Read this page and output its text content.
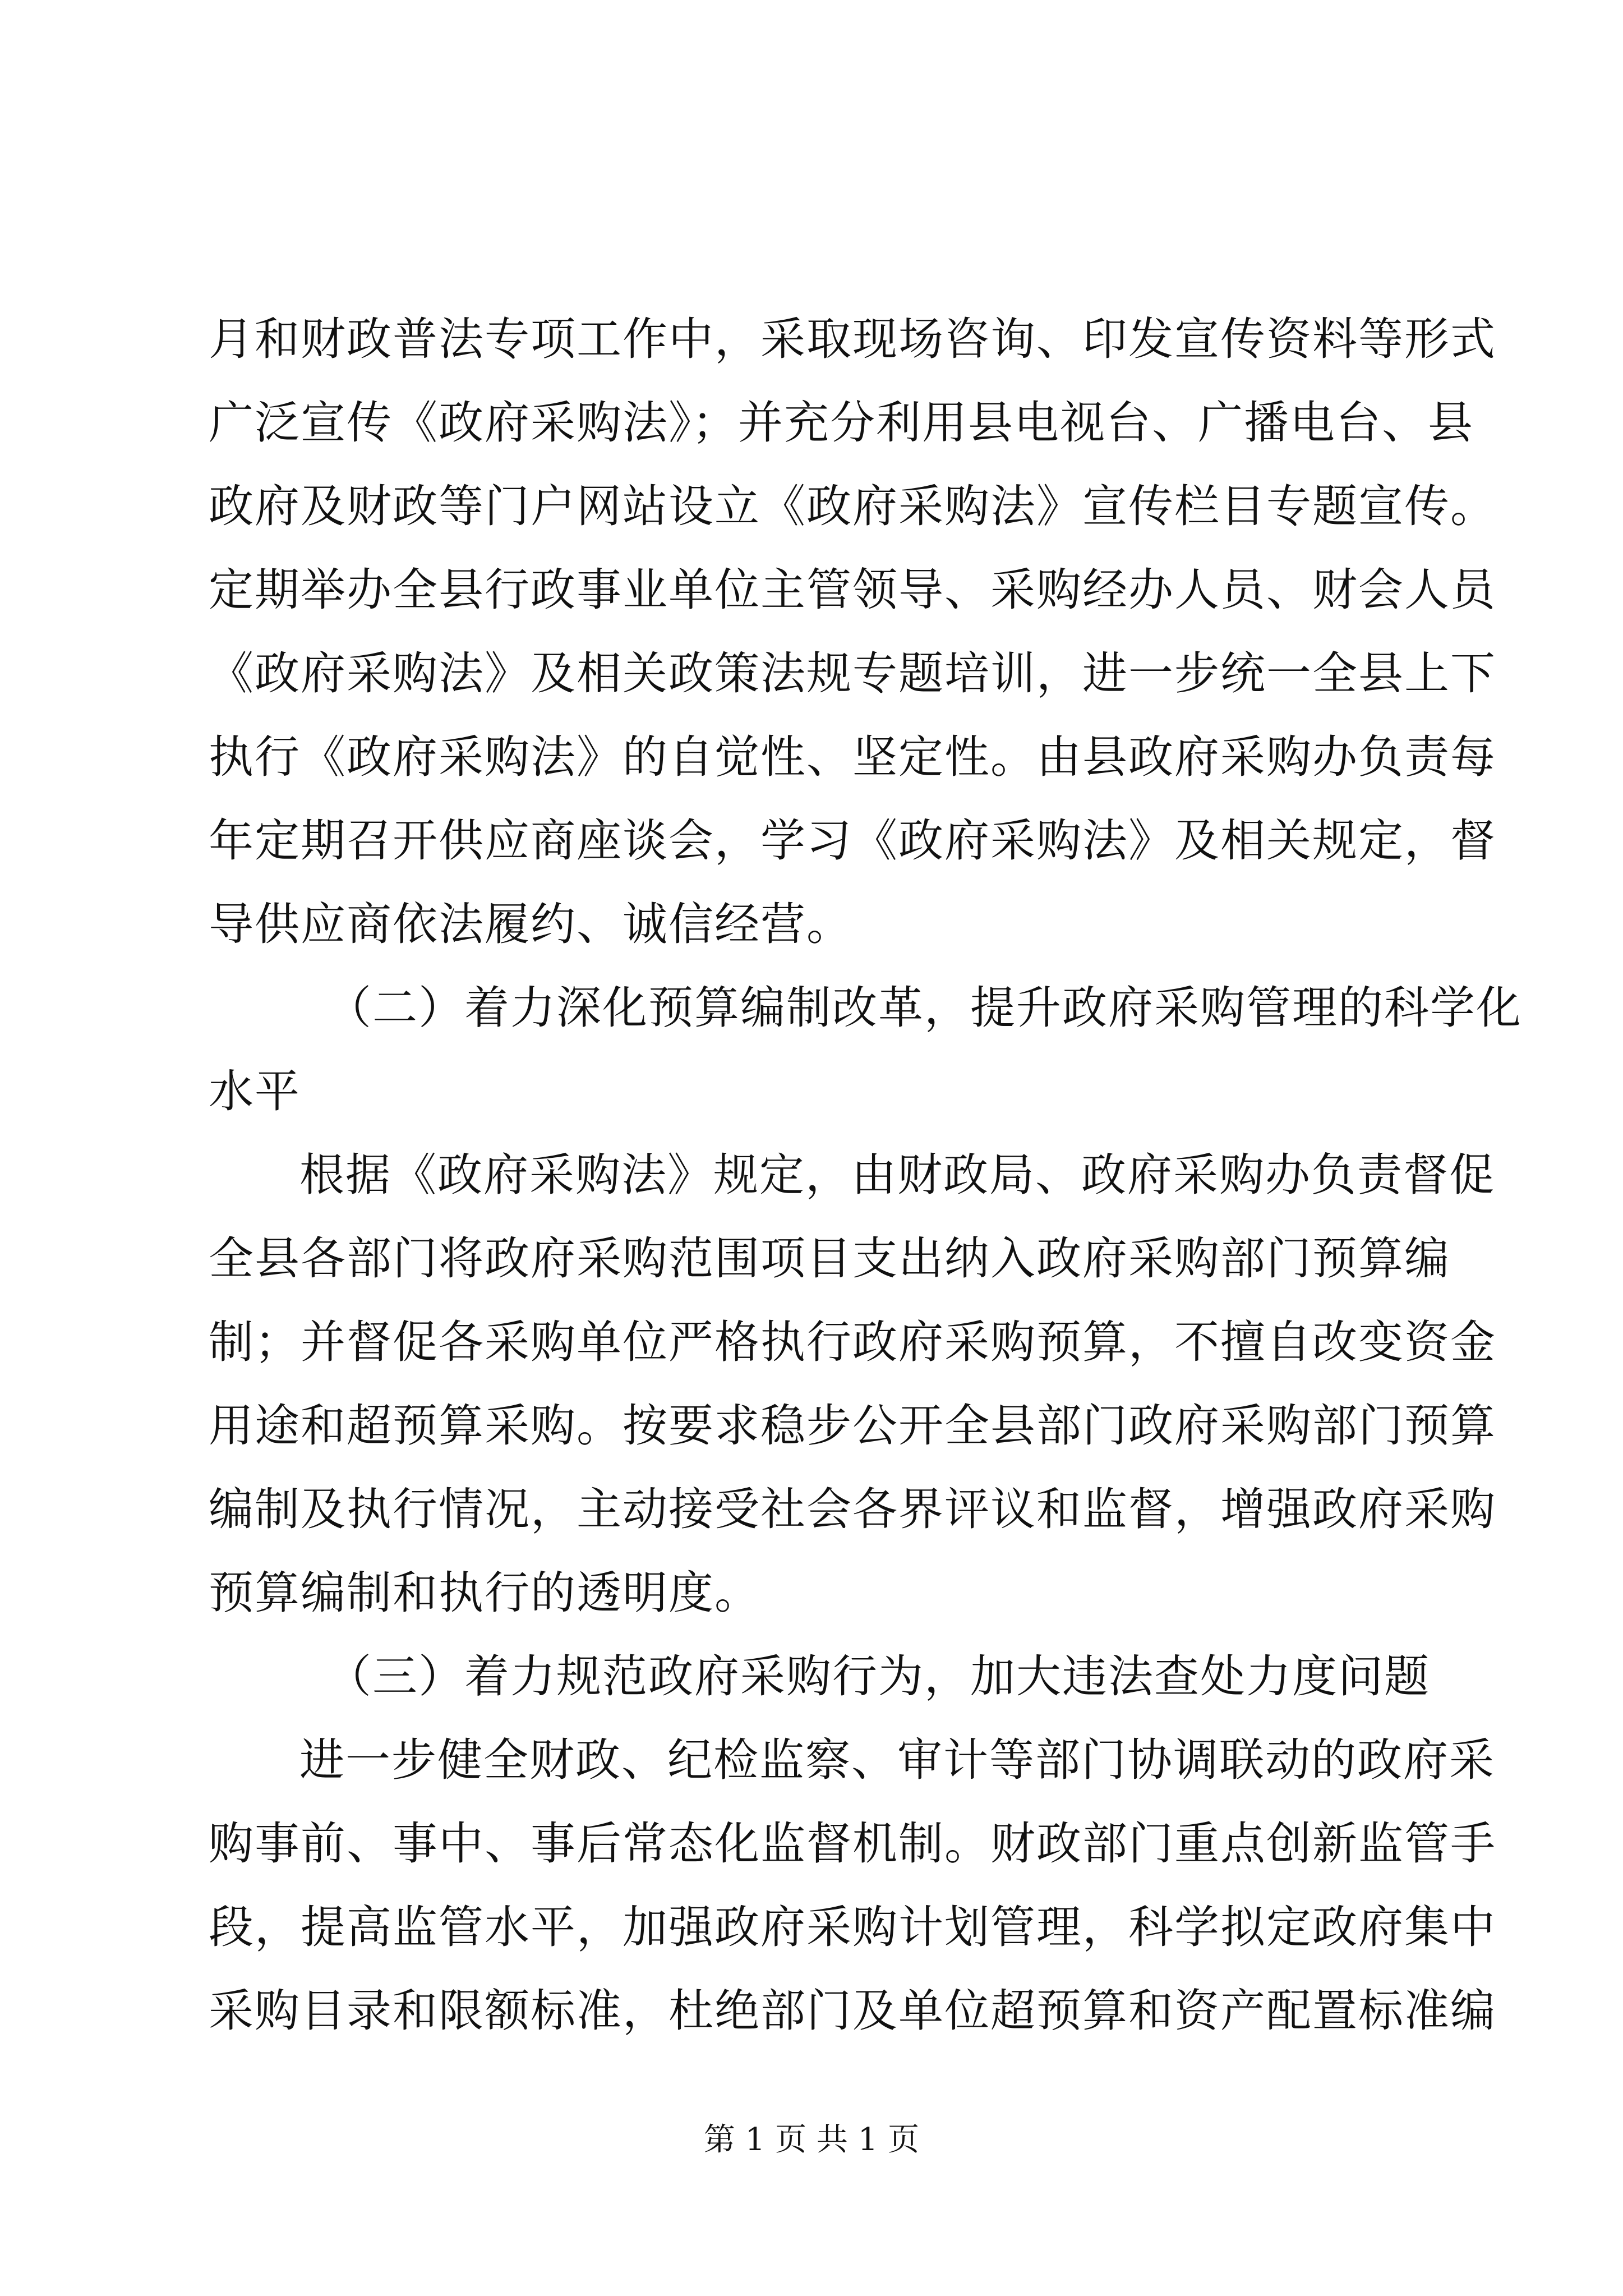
月和财政普法专项工作中，采取现场咨询、印发宣传资料等形式
广泛宣传《政府采购法》；并充分利用县电视台、广播电台、县
政府及财政等门户网站设立《政府采购法》宣传栏目专题宣传。
定期举办全县行政事业单位主管领导、采购经办人员、财会人员
《政府采购法》及相关政策法规专题培训，进一步统一全县上下
执行《政府采购法》的自觉性、坚定性。由县政府采购办负责每
年定期召开供应商座谈会，学习《政府采购法》及相关规定，督
导供应商依法履约、诚信经营。
（二）着力深化预算编制改革，提升政府采购管理的科学化
水平
根据《政府采购法》规定，由财政局、政府采购办负责督促
全县各部门将政府采购范围项目支出纳入政府采购部门预算编
制；并督促各采购单位严格执行政府采购预算，不擅自改变资金
用途和超预算采购。按要求稳步公开全县部门政府采购部门预算
编制及执行情况，主动接受社会各界评议和监督，增强政府采购
预算编制和执行的透明度。
（三）着力规范政府采购行为，加大违法查处力度问题
进一步健全财政、纪检监察、审计等部门协调联动的政府采
购事前、事中、事后常态化监督机制。财政部门重点创新监管手
段，提高监管水平，加强政府采购计划管理，科学拟定政府集中
采购目录和限额标准，杜绝部门及单位超预算和资产配置标准编
第 1 页 共 1 页
